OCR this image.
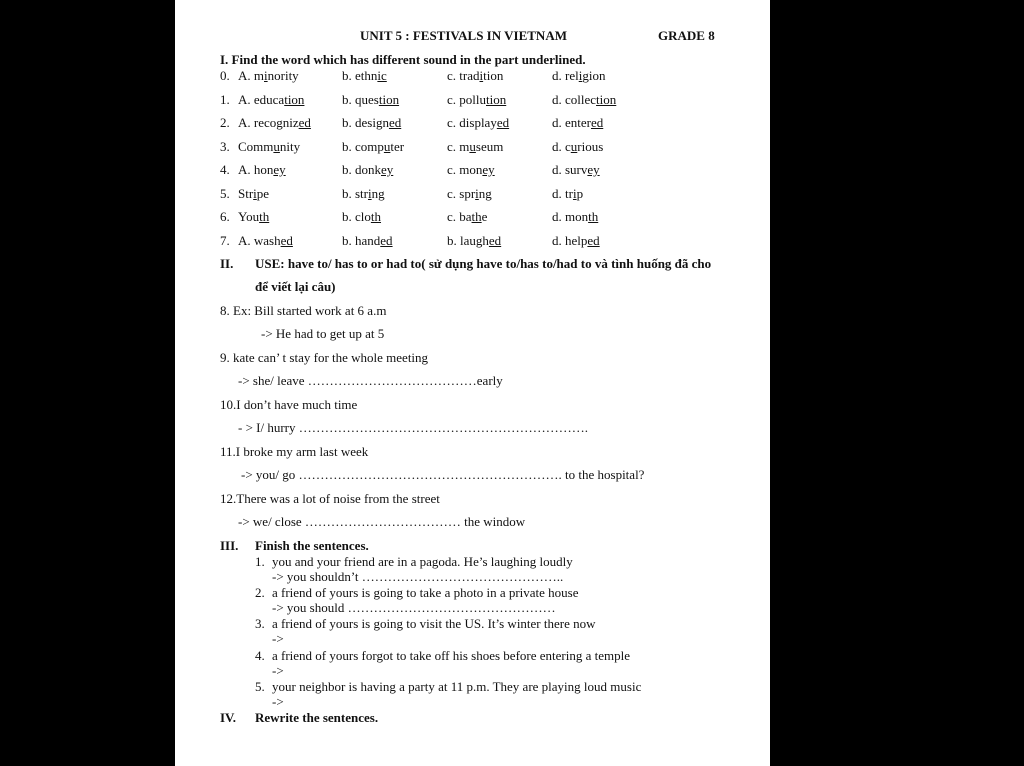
UNIT 5 : FESTIVALS IN VIETNAM	GRADE 8
I. Find the word which has different sound in the part underlined.
0. A. minority	b. ethnic	c. tradition	d. religion
1. A. education	b. question	c. pollution	d. collection
2. A. recognized b. designed	c. displayed	d. entered
3. Community	b. computer	c. museum	d. curious
4. A. honey	b. donkey	c. money	d. survey
5. Stripe	b. string	c. spring	d. trip
6. Youth	b. cloth	c. bathe	d. month
7. A. washed	b. handed	b. laughed	d. helped
II. USE: have to/ has to or had to( sử dụng have to/has to/had to và tình huống đã cho
để viết lại câu)
8. Ex: Bill started work at 6 a.m
-> He had to get up at 5
9. kate can’ t stay for the whole meeting
-> she/ leave …………………………………early
10.I don’t have much time
- > I/ hurry ………………………………………………………….
11.I broke my arm last week
-> you/ go ……………………………………………………. to the hospital?
12.There was a lot of noise from the street
-> we/ close ……………………………… the window
III. Finish the sentences.
1. you and your friend are in a pagoda. He’s laughing loudly
-> you shouldn’t ………………………………………..
2. a friend of yours is going to take a photo in a private house
-> you should …………………………………………
3. a friend of yours is going to visit the US. It’s winter there now
->
4. a friend of yours forgot to take off his shoes before entering a temple
->
5. your neighbor is having a party at 11 p.m. They are playing loud music
->
IV. Rewrite the sentences.
